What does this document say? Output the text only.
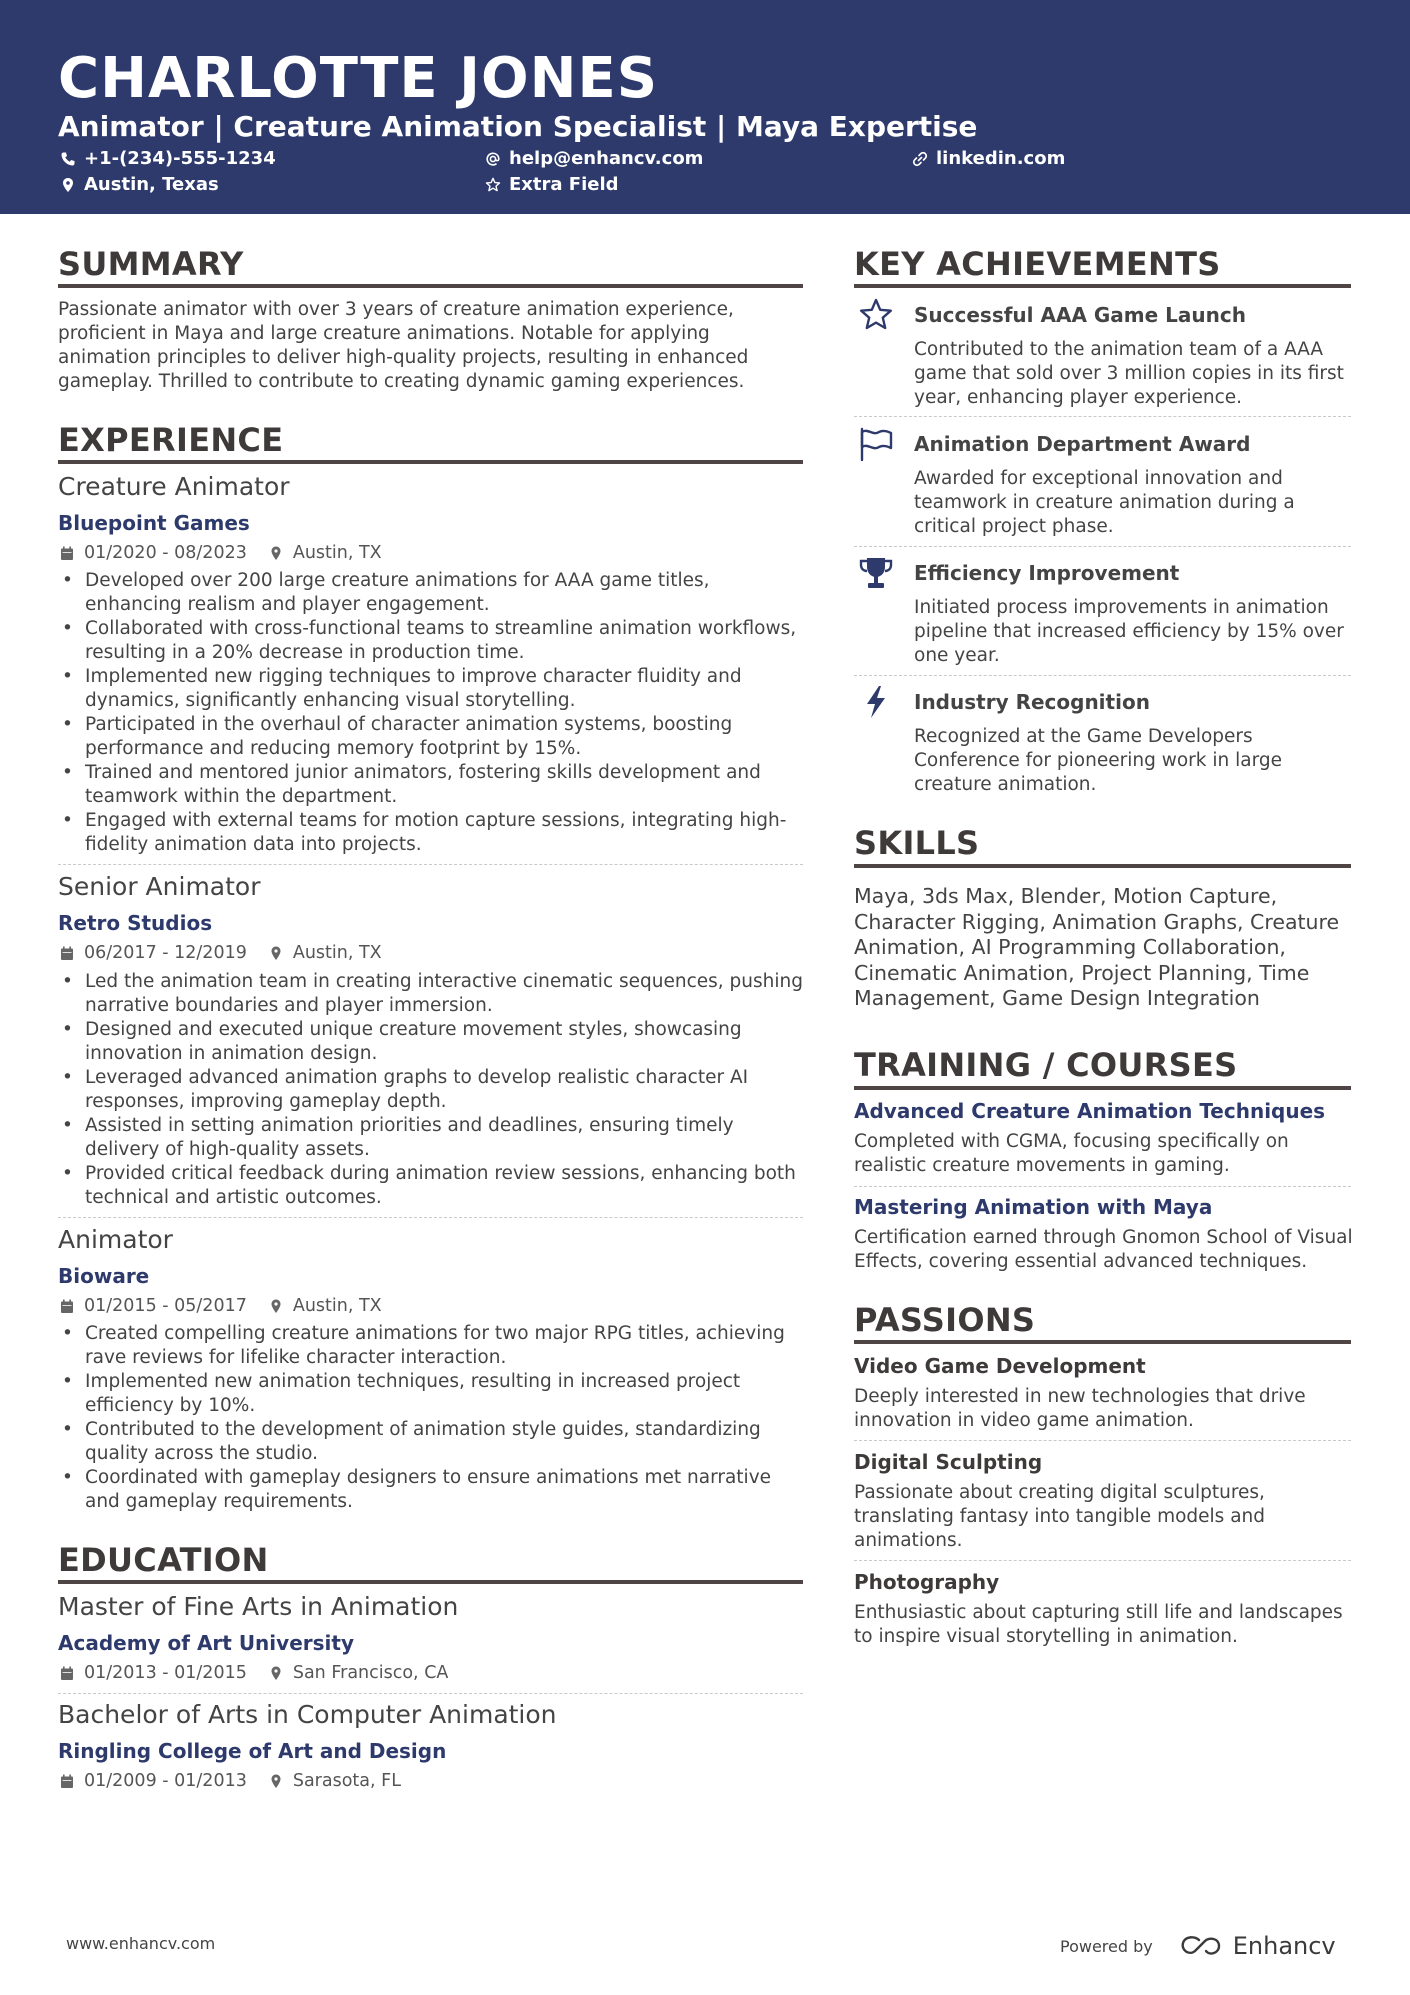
CHARLOTTE JONES
Animator | Creature Animation Specialist | Maya Expertise
+1-(234)-555-1234	help@enhancv.com	linkedin.com
Austin, Texas	Extra Field
SUMMARY
Passionate animator with over 3 years of creature animation experience, proficient in Maya and large creature animations. Notable for applying animation principles to deliver high-quality projects, resulting in enhanced gameplay. Thrilled to contribute to creating dynamic gaming experiences.
EXPERIENCE
Creature Animator
Bluepoint Games
01/2020 - 08/2023	Austin, TX
• Developed over 200 large creature animations for AAA game titles, enhancing realism and player engagement.
• Collaborated with cross-functional teams to streamline animation workflows, resulting in a 20% decrease in production time.
• Implemented new rigging techniques to improve character fluidity and dynamics, significantly enhancing visual storytelling.
• Participated in the overhaul of character animation systems, boosting performance and reducing memory footprint by 15%.
• Trained and mentored junior animators, fostering skills development and teamwork within the department.
• Engaged with external teams for motion capture sessions, integrating high-fidelity animation data into projects.
Senior Animator
Retro Studios
06/2017 - 12/2019	Austin, TX
• Led the animation team in creating interactive cinematic sequences, pushing narrative boundaries and player immersion.
• Designed and executed unique creature movement styles, showcasing innovation in animation design.
• Leveraged advanced animation graphs to develop realistic character AI responses, improving gameplay depth.
• Assisted in setting animation priorities and deadlines, ensuring timely delivery of high-quality assets.
• Provided critical feedback during animation review sessions, enhancing both technical and artistic outcomes.
Animator
Bioware
01/2015 - 05/2017	Austin, TX
• Created compelling creature animations for two major RPG titles, achieving rave reviews for lifelike character interaction.
• Implemented new animation techniques, resulting in increased project efficiency by 10%.
• Contributed to the development of animation style guides, standardizing quality across the studio.
• Coordinated with gameplay designers to ensure animations met narrative and gameplay requirements.
EDUCATION
Master of Fine Arts in Animation
Academy of Art University
01/2013 - 01/2015	San Francisco, CA
Bachelor of Arts in Computer Animation
Ringling College of Art and Design
01/2009 - 01/2013	Sarasota, FL
KEY ACHIEVEMENTS
Successful AAA Game Launch
Contributed to the animation team of a AAA game that sold over 3 million copies in its first year, enhancing player experience.
Animation Department Award
Awarded for exceptional innovation and teamwork in creature animation during a critical project phase.
Efficiency Improvement
Initiated process improvements in animation pipeline that increased efficiency by 15% over one year.
Industry Recognition
Recognized at the Game Developers Conference for pioneering work in large creature animation.
SKILLS
Maya, 3ds Max, Blender, Motion Capture, Character Rigging, Animation Graphs, Creature Animation, AI Programming Collaboration, Cinematic Animation, Project Planning, Time Management, Game Design Integration
TRAINING / COURSES
Advanced Creature Animation Techniques
Completed with CGMA, focusing specifically on realistic creature movements in gaming.
Mastering Animation with Maya
Certification earned through Gnomon School of Visual Effects, covering essential advanced techniques.
PASSIONS
Video Game Development
Deeply interested in new technologies that drive innovation in video game animation.
Digital Sculpting
Passionate about creating digital sculptures, translating fantasy into tangible models and animations.
Photography
Enthusiastic about capturing still life and landscapes to inspire visual storytelling in animation.
www.enhancv.com	Powered by	Enhancv
